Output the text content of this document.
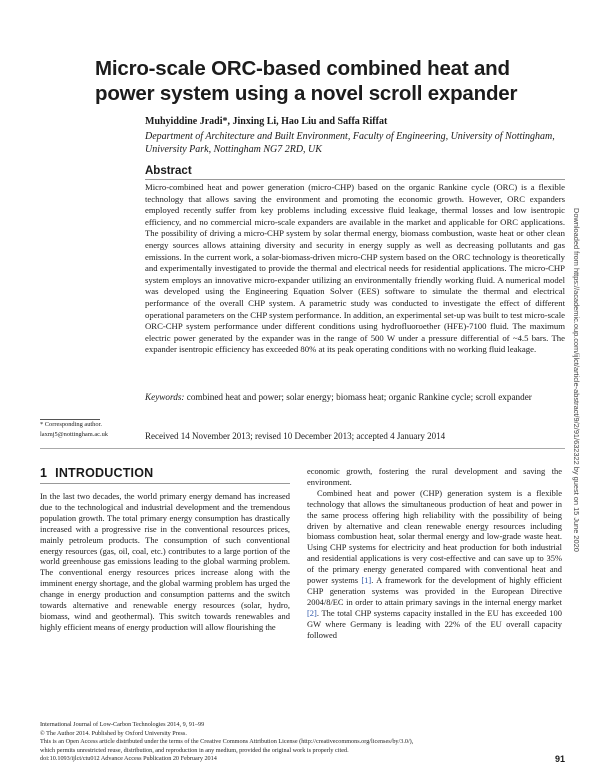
Micro-scale ORC-based combined heat and power system using a novel scroll expander
Muhyiddine Jradi*, Jinxing Li, Hao Liu and Saffa Riffat
Department of Architecture and Built Environment, Faculty of Engineering, University of Nottingham, University Park, Nottingham NG7 2RD, UK
Abstract
Micro-combined heat and power generation (micro-CHP) based on the organic Rankine cycle (ORC) is a flexible technology that allows saving the environment and promoting the economic growth. However, ORC expanders employed recently suffer from key problems including excessive fluid leakage, thermal losses and low isentropic efficiency, and no commercial micro-scale expanders are available in the market and applicable for ORC applications. The possibility of driving a micro-CHP system by solar thermal energy, biomass combustion, waste heat or other clean energy sources allows attaining diversity and security in energy supply as well as decreasing pollutants and gas emissions. In the current work, a solar-biomass-driven micro-CHP system based on the ORC technology is theoretically and experimentally investigated to provide the thermal and electrical needs for residential applications. The micro-CHP system employs an innovative micro-expander utilizing an environmentally friendly working fluid. A numerical model was developed using the Engineering Equation Solver (EES) software to simulate the thermal and electrical performance of the overall CHP system. A parametric study was conducted to investigate the effect of different operational parameters on the CHP system performance. In addition, an experimental set-up was built to test micro-scale ORC-CHP system performance under different conditions using hydrofluoroether (HFE)-7100 fluid. The maximum electric power generated by the expander was in the range of 500 W under a pressure differential of ~4.5 bars. The expander isentropic efficiency has exceeded 80% at its peak operating conditions with no working fluid leakage.
Keywords: combined heat and power; solar energy; biomass heat; organic Rankine cycle; scroll expander
* Corresponding author.
laxmj5@nottingham.ac.uk	Received 14 November 2013; revised 10 December 2013; accepted 4 January 2014
1 INTRODUCTION

In the last two decades, the world primary energy demand has increased due to the technological and industrial development and the tremendous population growth. The total primary energy consumption has drastically increased with a progressive rise in the conventional resources prices, mainly petroleum products. The consumption of such conventional energy resources (gas, oil, coal, etc.) contributes to a large portion of the world greenhouse gas emissions leading to the global warming problem. The conventional energy resources prices increase along with the imminent energy shortage, and the global warming problem has urged the change in energy production and consumption patterns and the switch towards alternative and renewable energy resources (solar, hydro, biomass, wind and geothermal). This switch towards renewables and highly efficient means of energy production will allow flourishing the

economic growth, fostering the rural development and saving the environment.

Combined heat and power (CHP) generation system is a flexible technology that allows the simultaneous production of heat and power in the same process offering high reliability with the possibility of being driven by alternative and clean renewable energy resources including biomass combustion heat, solar thermal energy and low-grade waste heat. Using CHP systems for electricity and heat production for both industrial and residential applications is very cost-effective and can save up to 35% of the primary energy generated compared with conventional heat and power systems [1]. A framework for the development of highly efficient CHP generation systems was provided in the European Directive 2004/8/EC in order to attain primary savings in the internal energy market [2]. The total CHP systems capacity installed in the EU has exceeded 100 GW where Germany is leading with 22% of the EU overall capacity followed

International Journal of Low-Carbon Technologies 2014, 9, 91–99
© The Author 2014. Published by Oxford University Press.
This is an Open Access article distributed under the terms of the Creative Commons Attribution License (http://creativecommons.org/licenses/by/3.0/),
which permits unrestricted reuse, distribution, and reproduction in any medium, provided the original work is properly cited.
doi:10.1093/ijlct/ctu012 Advance Access Publication 20 February 2014	91
Downloaded from https://academic.oup.com/ijlct/article-abstract/9/2/91/632322 by guest on 15 June 2020
